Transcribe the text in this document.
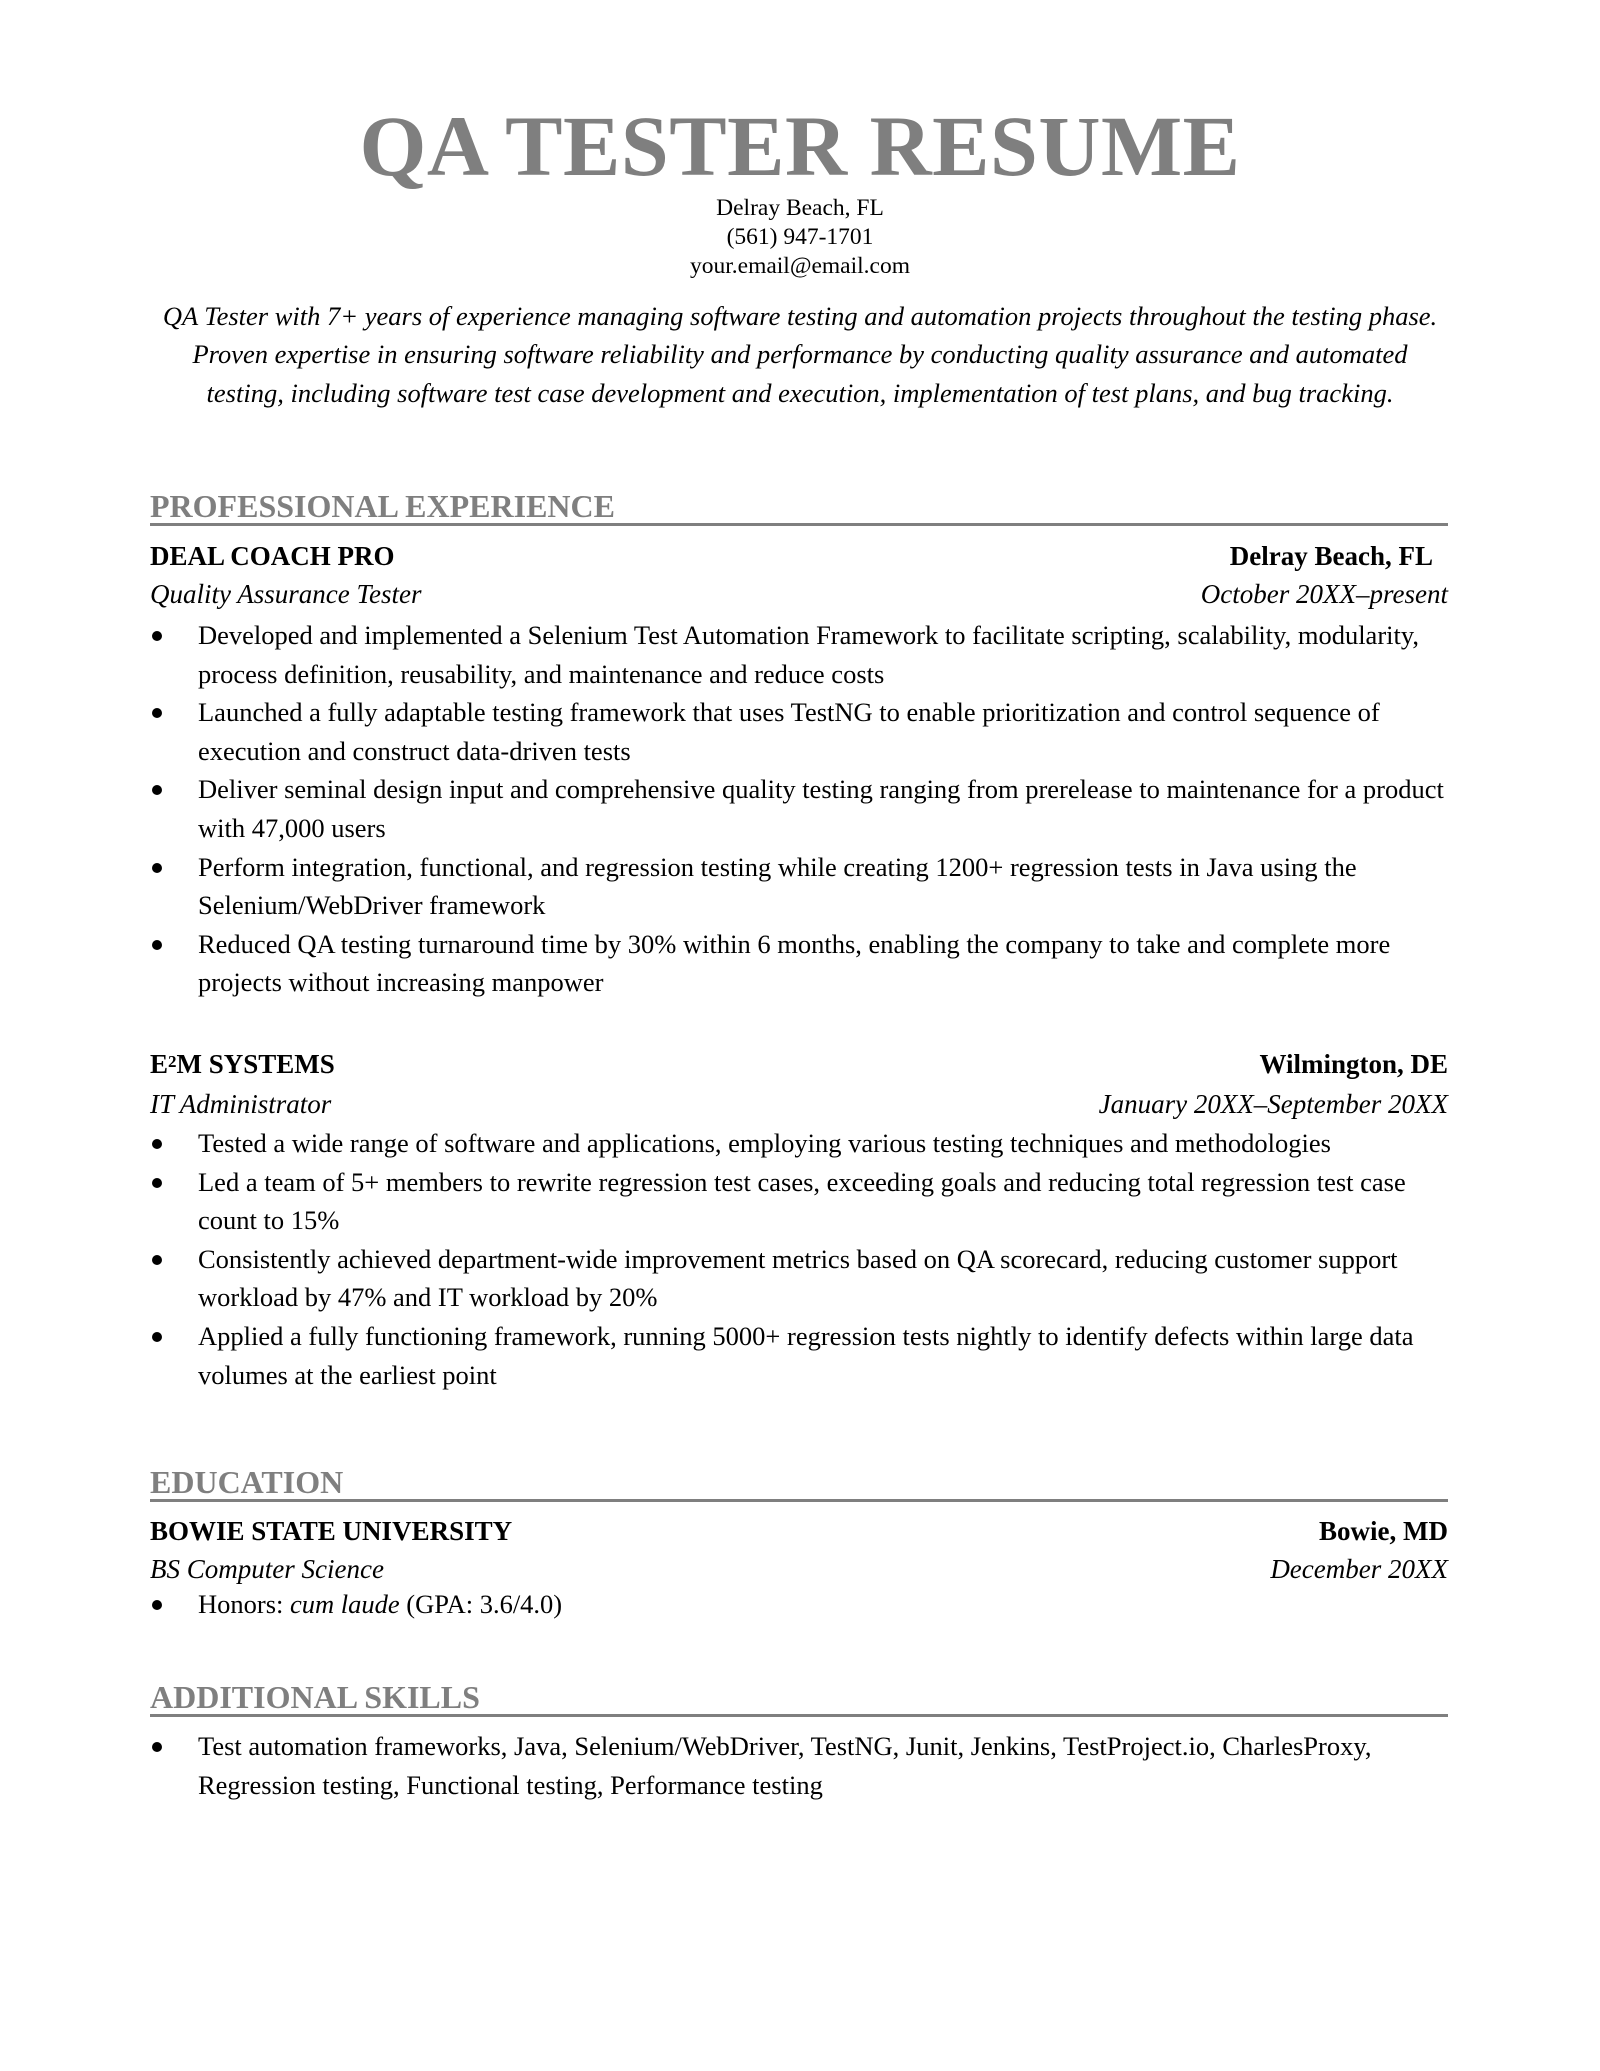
QA TESTER RESUME
Delray Beach, FL
(561) 947-1701
your.email@email.com
QA Tester with 7+ years of experience managing software testing and automation projects throughout the testing phase. Proven expertise in ensuring software reliability and performance by conducting quality assurance and automated testing, including software test case development and execution, implementation of test plans, and bug tracking.
PROFESSIONAL EXPERIENCE
DEAL COACH PRO	Delray Beach, FL
Quality Assurance Tester	October 20XX–present
Developed and implemented a Selenium Test Automation Framework to facilitate scripting, scalability, modularity, process definition, reusability, and maintenance and reduce costs
Launched a fully adaptable testing framework that uses TestNG to enable prioritization and control sequence of execution and construct data-driven tests
Deliver seminal design input and comprehensive quality testing ranging from prerelease to maintenance for a product with 47,000 users
Perform integration, functional, and regression testing while creating 1200+ regression tests in Java using the Selenium/WebDriver framework
Reduced QA testing turnaround time by 30% within 6 months, enabling the company to take and complete more projects without increasing manpower
$E^2M$ SYSTEMS	Wilmington, DE
IT Administrator	January 20XX–September 20XX
Tested a wide range of software and applications, employing various testing techniques and methodologies
Led a team of 5+ members to rewrite regression test cases, exceeding goals and reducing total regression test case count to 15%
Consistently achieved department-wide improvement metrics based on QA scorecard, reducing customer support workload by 47% and IT workload by 20%
Applied a fully functioning framework, running 5000+ regression tests nightly to identify defects within large data volumes at the earliest point
EDUCATION
BOWIE STATE UNIVERSITY	Bowie, MD
BS Computer Science	December 20XX
Honors: cum laude (GPA: 3.6/4.0)
ADDITIONAL SKILLS
Test automation frameworks, Java, Selenium/WebDriver, TestNG, Junit, Jenkins, TestProject.io, CharlesProxy, Regression testing, Functional testing, Performance testing
